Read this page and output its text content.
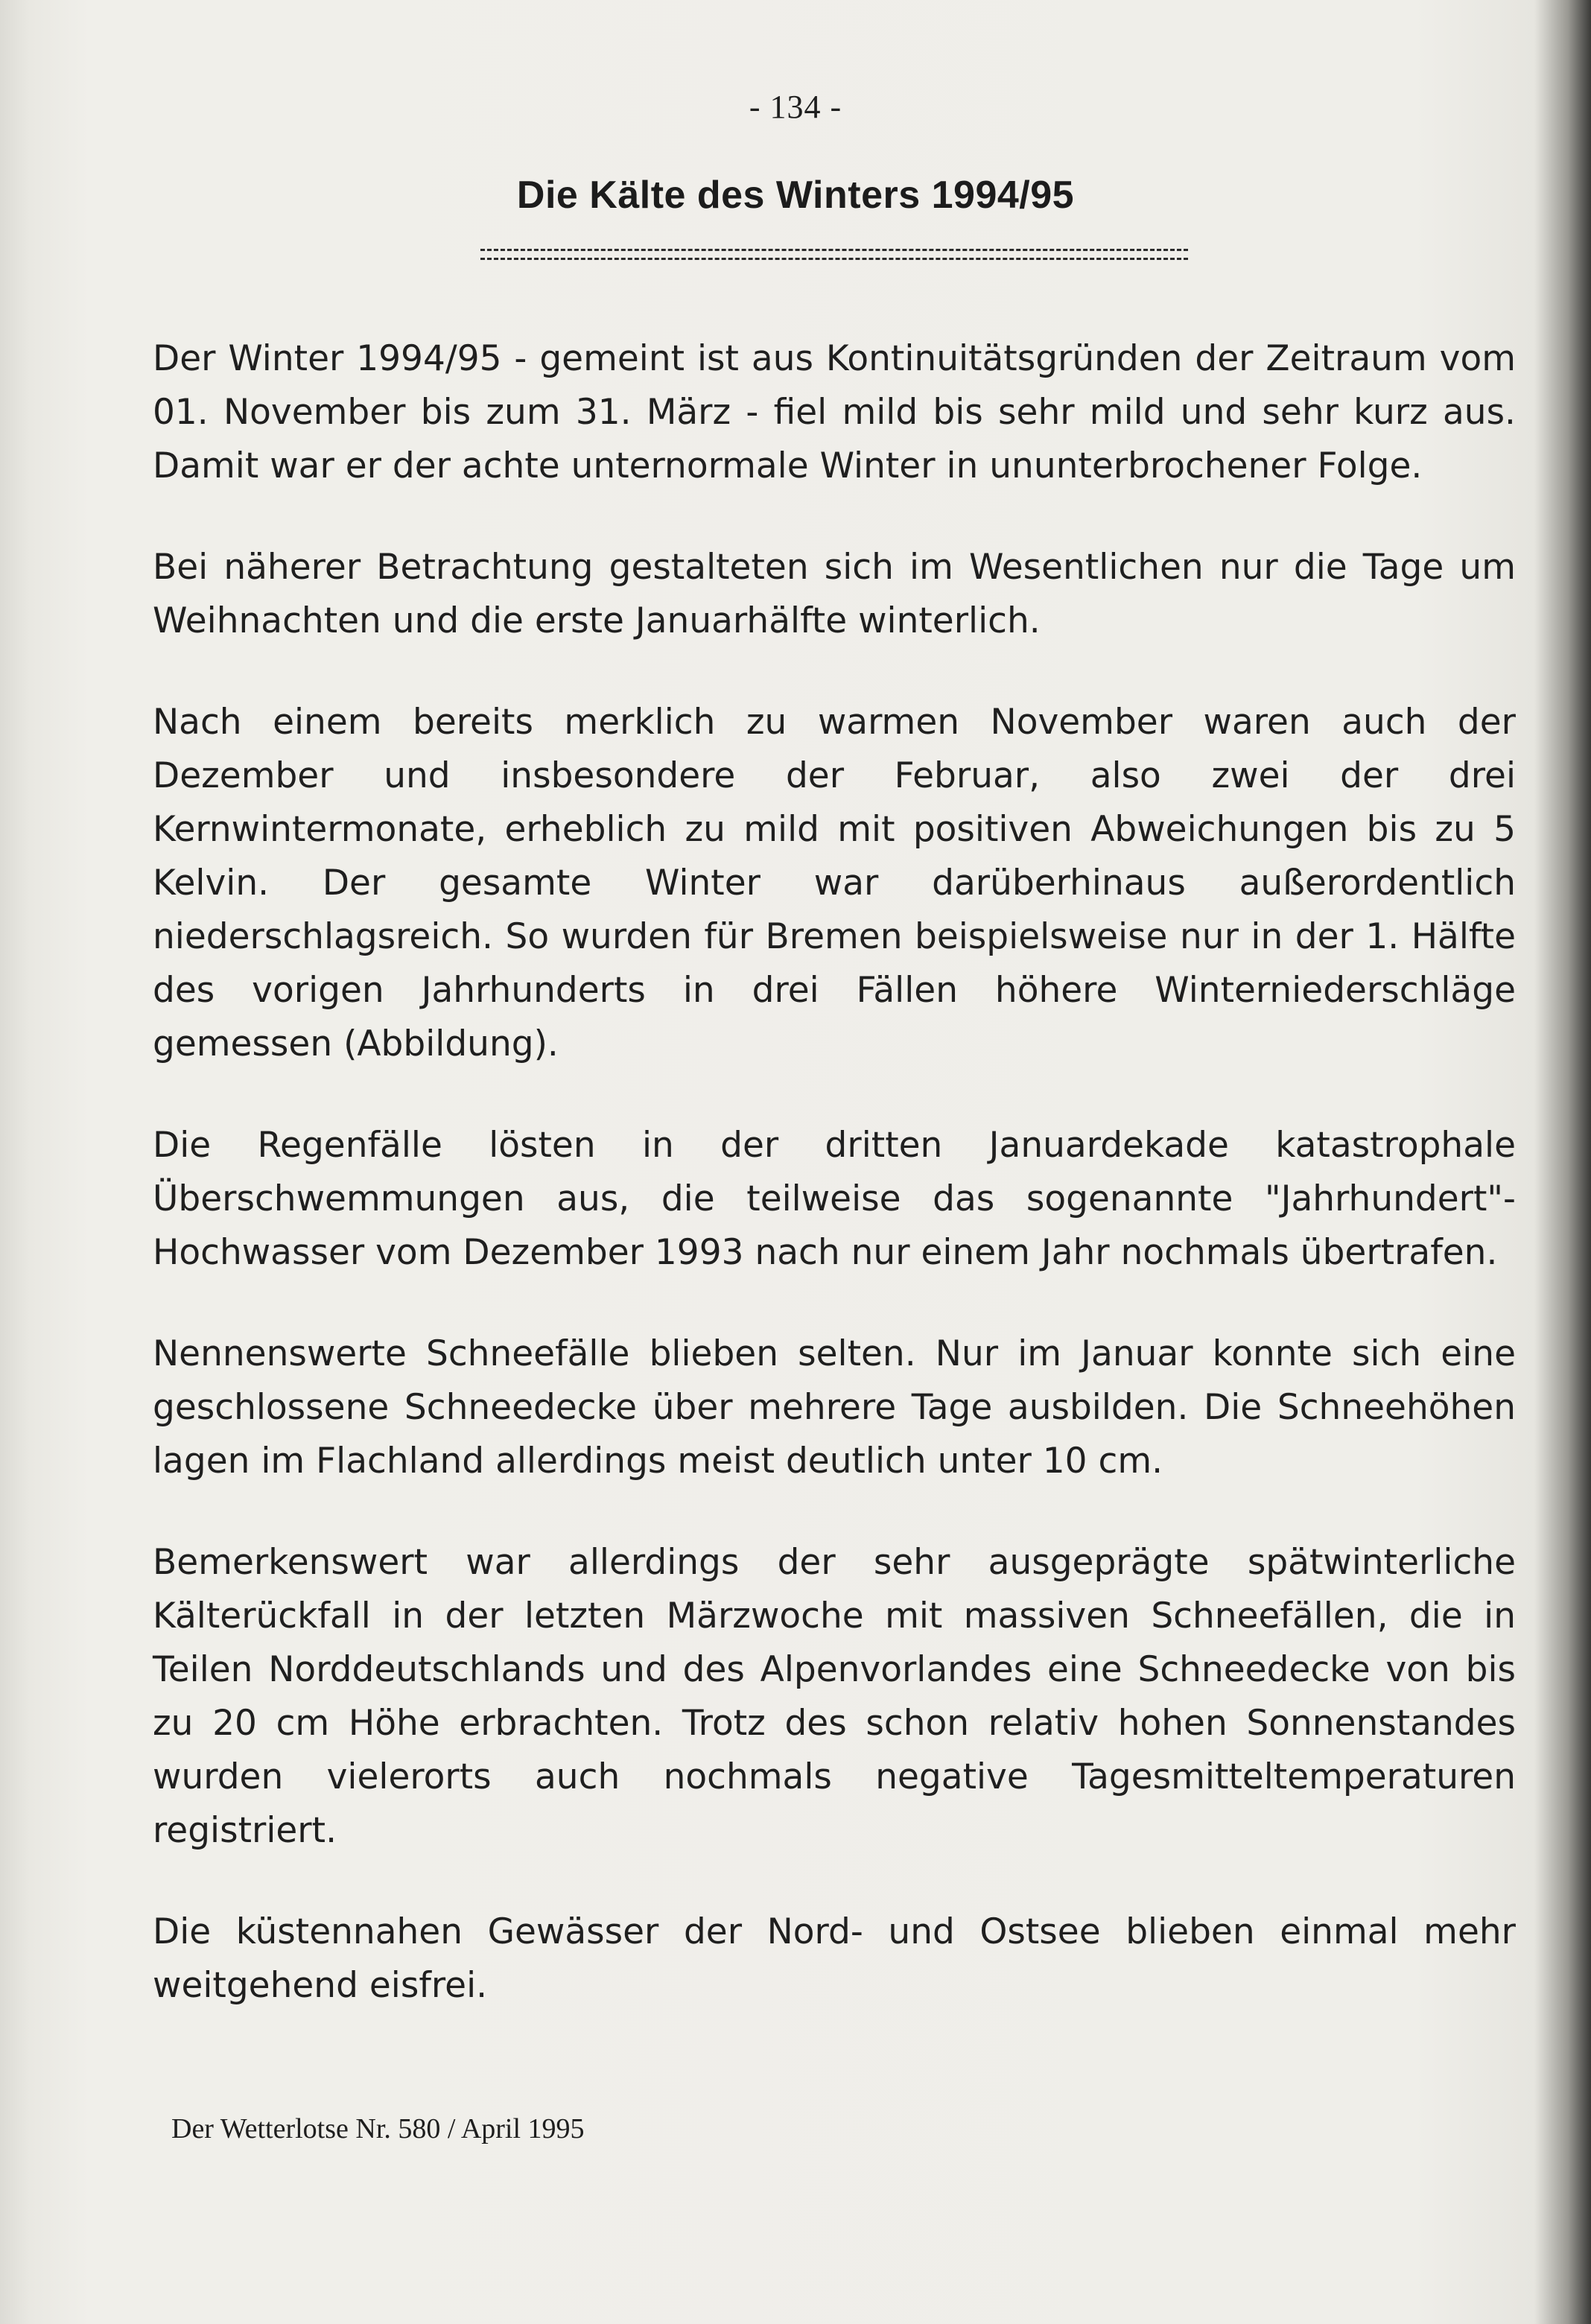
- 134 -
Die Kälte des Winters 1994/95

Der Winter 1994/95 - gemeint ist aus Kontinuitätsgründen der Zeitraum vom 01. November bis zum 31. März - fiel mild bis sehr mild und sehr kurz aus. Damit war er der achte unternormale Winter in ununterbrochener Folge.

Bei näherer Betrachtung gestalteten sich im Wesentlichen nur die Tage um Weihnachten und die erste Januarhälfte winterlich.

Nach einem bereits merklich zu warmen November waren auch der Dezember und insbesondere der Februar, also zwei der drei Kernwintermonate, erheblich zu mild mit positiven Abweichungen bis zu 5 Kelvin. Der gesamte Winter war darüberhinaus außerordentlich niederschlagsreich. So wurden für Bremen beispielsweise nur in der 1. Hälfte des vorigen Jahrhunderts in drei Fällen höhere Winterniederschläge gemessen (Abbildung).

Die Regenfälle lösten in der dritten Januardekade katastrophale Überschwemmungen aus, die teilweise das sogenannte "Jahrhundert"-Hochwasser vom Dezember 1993 nach nur einem Jahr nochmals übertrafen.

Nennenswerte Schneefälle blieben selten. Nur im Januar konnte sich eine geschlossene Schneedecke über mehrere Tage ausbilden. Die Schneehöhen lagen im Flachland allerdings meist deutlich unter 10 cm.

Bemerkenswert war allerdings der sehr ausgeprägte spätwinterliche Kälterückfall in der letzten Märzwoche mit massiven Schneefällen, die in Teilen Norddeutschlands und des Alpenvorlandes eine Schneedecke von bis zu 20 cm Höhe erbrachten. Trotz des schon relativ hohen Sonnenstandes wurden vielerorts auch nochmals negative Tagesmitteltemperaturen registriert.

Die küstennahen Gewässer der Nord- und Ostsee blieben einmal mehr weitgehend eisfrei.

Der Wetterlotse Nr. 580 / April 1995
